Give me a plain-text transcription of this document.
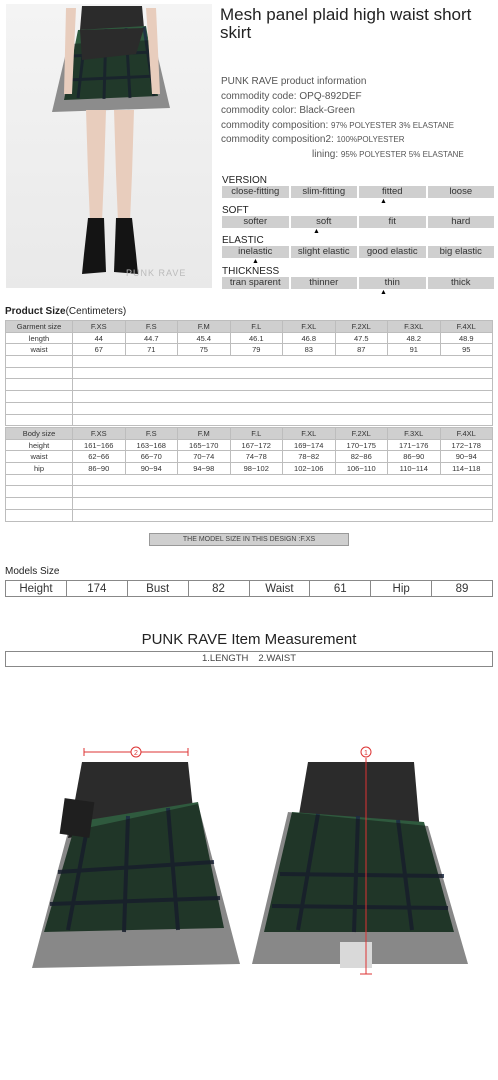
PUNK RAVE
Mesh panel plaid high waist short skirt
PUNK RAVE product information
commodity code: OPQ-892DEF
commodity color: Black-Green
commodity composition: 97% POLYESTER 3% ELASTANE
commodity composition2: 100%POLYESTER
lining: 95% POLYESTER 5% ELASTANE
VERSION
close-fitting	slim-fitting	fitted	loose
▲
SOFT
softer	soft	fit	hard
▲
ELASTIC
inelastic	slight elastic	good elastic	big elastic
▲
THICKNESS
tran sparent	thinner	thin	thick
▲
Product Size(Centimeters)
Garment size	F.XS	F.S	F.M	F.L	F.XL	F.2XL	F.3XL	F.4XL
length	44	44.7	45.4	46.1	46.8	47.5	48.2	48.9
waist	67	71	75	79	83	87	91	95

Body size	F.XS	F.S	F.M	F.L	F.XL	F.2XL	F.3XL	F.4XL
height	161~166	163~168	165~170	167~172	169~174	170~175	171~176	172~178
waist	62~66	66~70	70~74	74~78	78~82	82~86	86~90	90~94
hip	86~90	90~94	94~98	98~102	102~106	106~110	110~114	114~118

THE MODEL SIZE IN THIS DESIGN :F.XS
Models Size
Height	174	Bust	82	Waist	61	Hip	89
PUNK RAVE Item Measurement
1.LENGTH 2.WAIST
2	1
